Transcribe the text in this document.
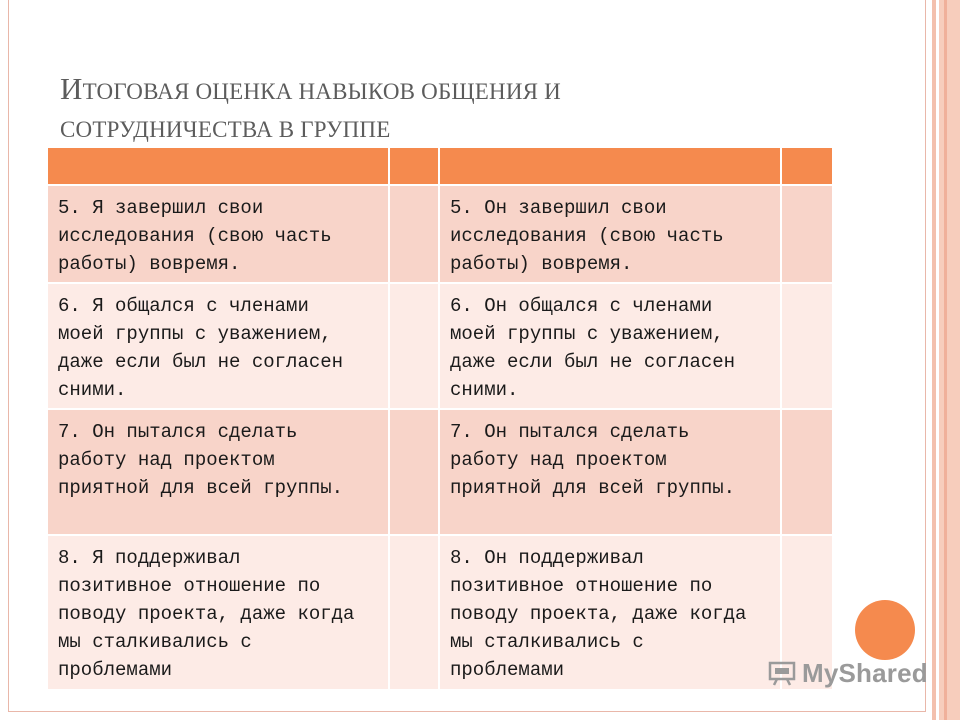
ИТОГОВАЯ ОЦЕНКА НАВЫКОВ ОБЩЕНИЯ И
СОТРУДНИЧЕСТВА В ГРУППЕ
5. Я завершил свои
исследования (свою часть
работы) вовремя.
5. Он завершил свои
исследования (свою часть
работы) вовремя.
6. Я общался с членами
моей группы с уважением,
даже если был не согласен
сними.
6. Он общался с членами
моей группы с уважением,
даже если был не согласен
сними.
7. Он пытался сделать
работу над проектом
приятной для всей группы.
7. Он пытался сделать
работу над проектом
приятной для всей группы.
8. Я поддерживал
позитивное отношение по
поводу проекта, даже когда
мы сталкивались с
проблемами
8. Он поддерживал
позитивное отношение по
поводу проекта, даже когда
мы сталкивались с
проблемами	MyShared
